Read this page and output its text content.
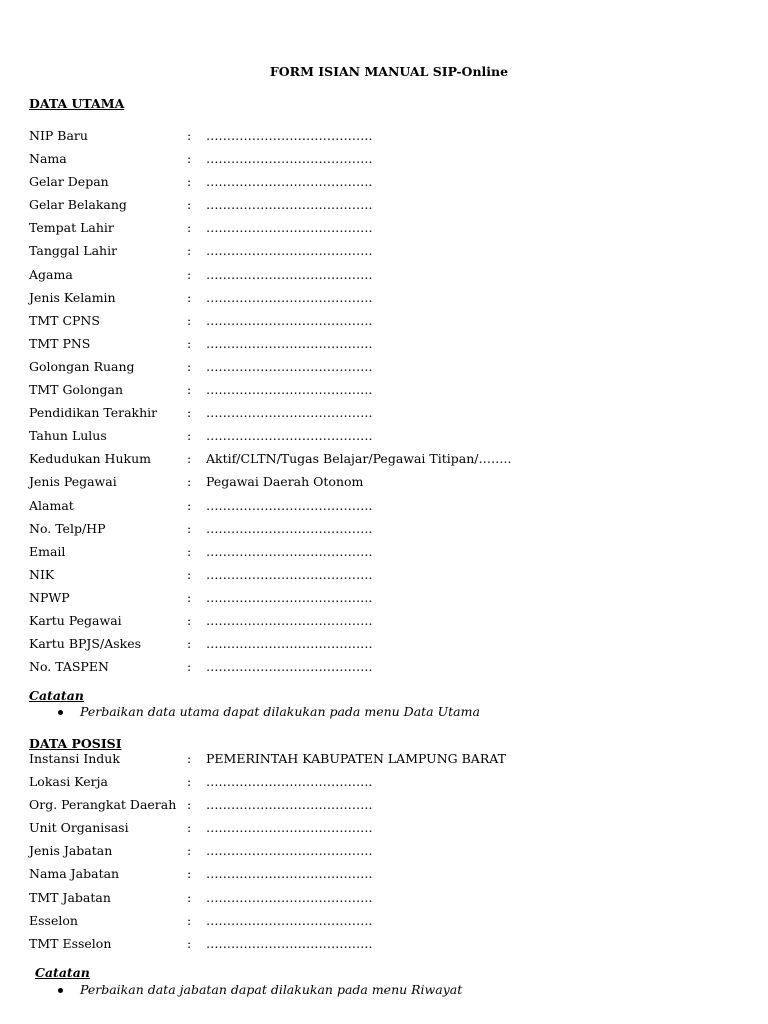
FORM ISIAN MANUAL SIP-Online
DATA UTAMA
NIP Baru	: ………………………………….
Nama	: ………………………………….
Gelar Depan	: ………………………………….
Gelar Belakang	: ………………………………….
Tempat Lahir	: ………………………………….
Tanggal Lahir	: ………………………………….
Agama	: ………………………………….
Jenis Kelamin	: ………………………………….
TMT CPNS	: ………………………………….
TMT PNS	: ………………………………….
Golongan Ruang	: ………………………………….
TMT Golongan	: ………………………………….
Pendidikan Terakhir : ………………………………….
Tahun Lulus	: ………………………………….
Kedudukan Hukum	: Aktif/CLTN/Tugas Belajar/Pegawai Titipan/……..
Jenis Pegawai	: Pegawai Daerah Otonom
Alamat	: ………………………………….
No. Telp/HP	: ………………………………….
Email	: ………………………………….
NIK	: ………………………………….
NPWP	: ………………………………….
Kartu Pegawai	: ………………………………….
Kartu BPJS/Askes	: ………………………………….
No. TASPEN	: ………………………………….
Catatan
Perbaikan data utama dapat dilakukan pada menu Data Utama
DATA POSISI
Instansi Induk	: PEMERINTAH KABUPATEN LAMPUNG BARAT
Lokasi Kerja	: ………………………………….
Org. Perangkat Daerah : ………………………………….
Unit Organisasi	: ………………………………….
Jenis Jabatan	: ………………………………….
Nama Jabatan	: ………………………………….
TMT Jabatan	: ………………………………….
Esselon	: ………………………………….
TMT Esselon	: ………………………………….
Catatan
Perbaikan data jabatan dapat dilakukan pada menu Riwayat
